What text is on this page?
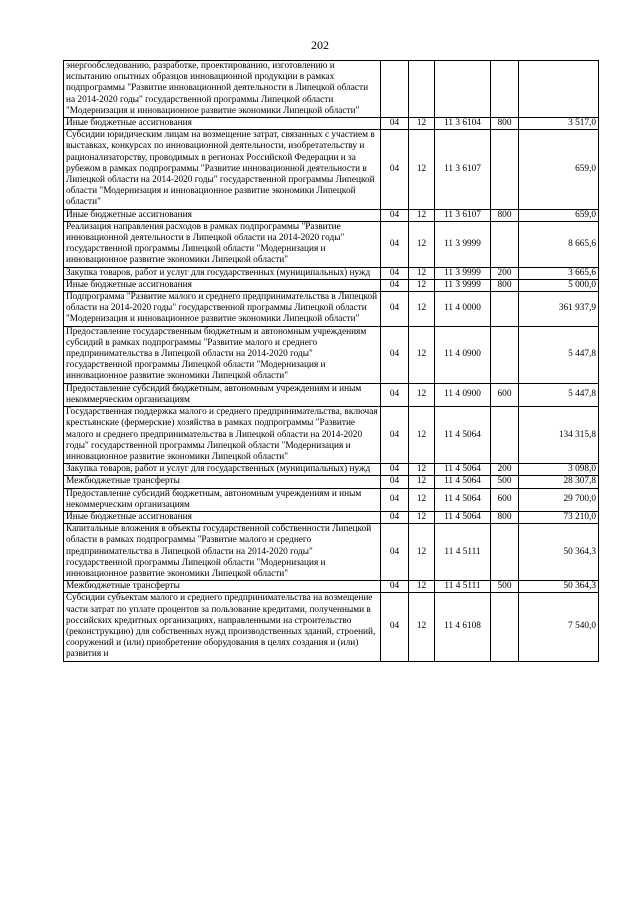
202
энергообследованию, разработке, проектированию, изготовлению и испытанию опытных образцов инновационной продукции в рамках подпрограммы "Развитие инновационной деятельности в Липецкой области на 2014-2020 годы" государственной программы Липецкой области "Модернизация и инновационное развитие экономики Липецкой области"					
Иные бюджетные ассигнования	04	12	11 3 6104	800	3 517,0
Субсидии юридическим лицам на возмещение затрат, связанных с участием в выставках, конкурсах по инновационной деятельности, изобретательству и рационализаторству, проводимых в регионах Российской Федерации и за рубежом в рамках подпрограммы "Развитие инновационной деятельности в Липецкой области на 2014-2020 годы" государственной программы Липецкой области "Модернизация и инновационное развитие экономики Липецкой области"	04	12	11 3 6107		659,0
Иные бюджетные ассигнования	04	12	11 3 6107	800	659,0
Реализация направления расходов в рамках подпрограммы "Развитие инновационной деятельности в Липецкой области на 2014-2020 годы" государственной программы Липецкой области "Модернизация и инновационное развитие экономики Липецкой области"	04	12	11 3 9999		8 665,6
Закупка товаров, работ и услуг для государственных (муниципальных) нужд	04	12	11 3 9999	200	3 665,6
Иные бюджетные ассигнования	04	12	11 3 9999	800	5 000,0
Подпрограмма "Развитие малого и среднего предпринимательства в Липецкой области на 2014-2020 годы" государственной программы Липецкой области "Модернизация и инновационное развитие экономики Липецкой области"	04	12	11 4 0000		361 937,9
Предоставление государственным бюджетным и автономным учреждениям субсидий в рамках подпрограммы "Развитие малого и среднего предпринимательства в Липецкой области на 2014-2020 годы" государственной программы Липецкой области "Модернизация и инновационное развитие экономики Липецкой области"	04	12	11 4 0900		5 447,8
Предоставление субсидий бюджетным, автономным учреждениям и иным некоммерческим организациям	04	12	11 4 0900	600	5 447,8
Государственная поддержка малого и среднего предпринимательства, включая крестьянские (фермерские) хозяйства в рамках подпрограммы "Развитие малого и среднего предпринимательства в Липецкой области на 2014-2020 годы" государственной программы Липецкой области "Модернизация и инновационное развитие экономики Липецкой области"	04	12	11 4 5064		134 315,8
Закупка товаров, работ и услуг для государственных (муниципальных) нужд	04	12	11 4 5064	200	3 098,0
Межбюджетные трансферты	04	12	11 4 5064	500	28 307,8
Предоставление субсидий бюджетным, автономным учреждениям и иным некоммерческим организациям	04	12	11 4 5064	600	29 700,0
Иные бюджетные ассигнования	04	12	11 4 5064	800	73 210,0
Капитальные вложения в объекты государственной собственности Липецкой области в рамках подпрограммы "Развитие малого и среднего предпринимательства в Липецкой области на 2014-2020 годы" государственной программы Липецкой области "Модернизация и инновационное развитие экономики Липецкой области"	04	12	11 4 5111		50 364,3
Межбюджетные трансферты	04	12	11 4 5111	500	50 364,3
Субсидии субъектам малого и среднего предпринимательства на возмещение части затрат по уплате процентов за пользование кредитами, полученными в российских кредитных организациях, направленными на строительство (реконструкцию) для собственных нужд производственных зданий, строений, сооружений и (или) приобретение оборудования в целях создания и (или) развития и	04	12	11 4 6108		7 540,0
